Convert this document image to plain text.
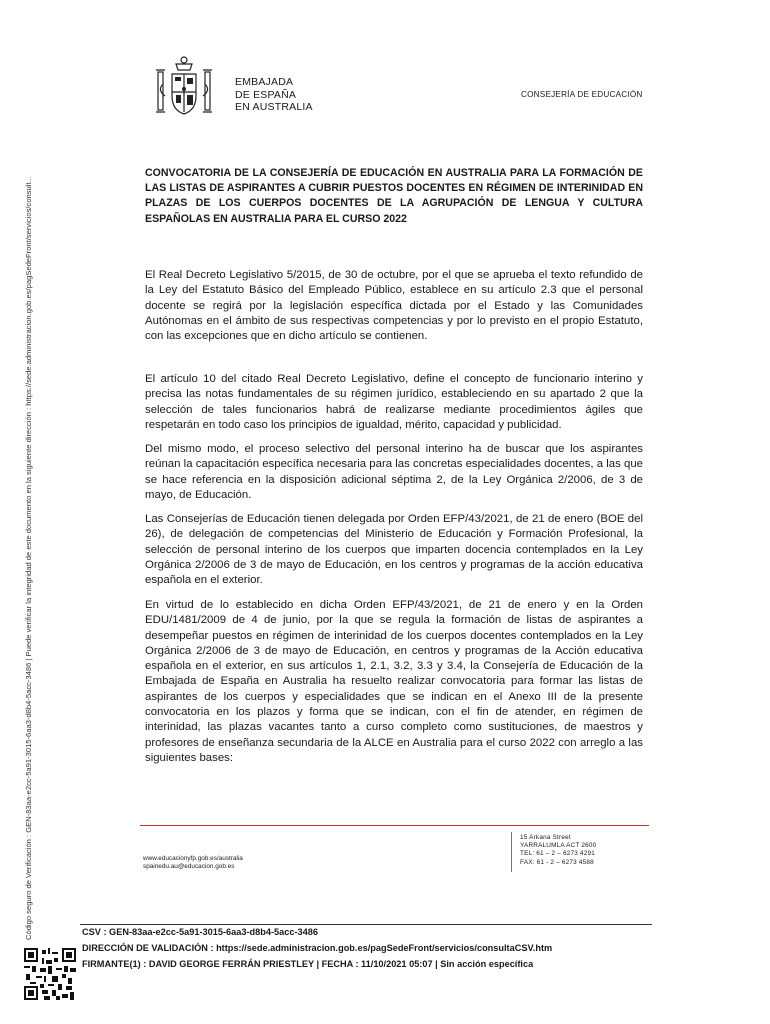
Código seguro de Verificación : GEN-83aa-e2cc-5a91-3015-6aa3-d8b4-5acc-3486 | Puede verificar la integridad de este documento en la siguiente dirección : https://sede.administracion.gob.es/pagSedeFront/servicios/consult...
EMBAJADA
DE ESPAÑA
EN AUSTRALIA
CONSEJERÍA DE EDUCACIÓN
CONVOCATORIA DE LA CONSEJERÍA DE EDUCACIÓN EN AUSTRALIA PARA LA FORMACIÓN DE LAS LISTAS DE ASPIRANTES A CUBRIR PUESTOS DOCENTES EN RÉGIMEN DE INTERINIDAD EN PLAZAS DE LOS CUERPOS DOCENTES DE LA AGRUPACIÓN DE LENGUA Y CULTURA ESPAÑOLAS EN AUSTRALIA PARA EL CURSO 2022
El Real Decreto Legislativo 5/2015, de 30 de octubre, por el que se aprueba el texto refundido de la Ley del Estatuto Básico del Empleado Público, establece en su artículo 2.3 que el personal docente se regirá por la legislación específica dictada por el Estado y las Comunidades Autónomas en el ámbito de sus respectivas competencias y por lo previsto en el propio Estatuto, con las excepciones que en dicho artículo se contienen.
El artículo 10 del citado Real Decreto Legislativo, define el concepto de funcionario interino y precisa las notas fundamentales de su régimen jurídico, estableciendo en su apartado 2 que la selección de tales funcionarios habrá de realizarse mediante procedimientos ágiles que respetarán en todo caso los principios de igualdad, mérito, capacidad y publicidad.
Del mismo modo, el proceso selectivo del personal interino ha de buscar que los aspirantes reúnan la capacitación específica necesaria para las concretas especialidades docentes, a las que se hace referencia en la disposición adicional séptima 2, de la Ley Orgánica 2/2006, de 3 de mayo, de Educación.
Las Consejerías de Educación tienen delegada por Orden EFP/43/2021, de 21 de enero (BOE del 26), de delegación de competencias del Ministerio de Educación y Formación Profesional, la selección de personal interino de los cuerpos que imparten docencia contemplados en la Ley Orgánica 2/2006 de 3 de mayo de Educación, en los centros y programas de la acción educativa española en el exterior.
En virtud de lo establecido en dicha Orden EFP/43/2021, de 21 de enero y en la Orden EDU/1481/2009 de 4 de junio, por la que se regula la formación de listas de aspirantes a desempeñar puestos en régimen de interinidad de los cuerpos docentes contemplados en la Ley Orgánica 2/2006 de 3 de mayo de Educación, en centros y programas de la Acción educativa española en el exterior, en sus artículos 1, 2.1, 3.2, 3.3 y 3.4, la Consejería de Educación de la Embajada de España en Australia ha resuelto realizar convocatoria para formar las listas de aspirantes de los cuerpos y especialidades que se indican en el Anexo III de la presente convocatoria en los plazos y forma que se indican, con el fin de atender, en régimen de interinidad, las plazas vacantes tanto a curso completo como sustituciones, de maestros y profesores de enseñanza secundaria de la ALCE en Australia para el curso 2022 con arreglo a las siguientes bases:
www.educacionyfp.gob.es/australia
spainedu.au@educacion.gob.es
15 Arkana Street
YARRALUMLA ACT 2600
TEL: 61 – 2 – 6273 4291
FAX: 61 - 2 – 6273 4588
CSV : GEN-83aa-e2cc-5a91-3015-6aa3-d8b4-5acc-3486
DIRECCIÓN DE VALIDACIÓN : https://sede.administracion.gob.es/pagSedeFront/servicios/consultaCSV.htm
FIRMANTE(1) : DAVID GEORGE FERRÁN PRIESTLEY | FECHA : 11/10/2021 05:07 | Sin acción específica
